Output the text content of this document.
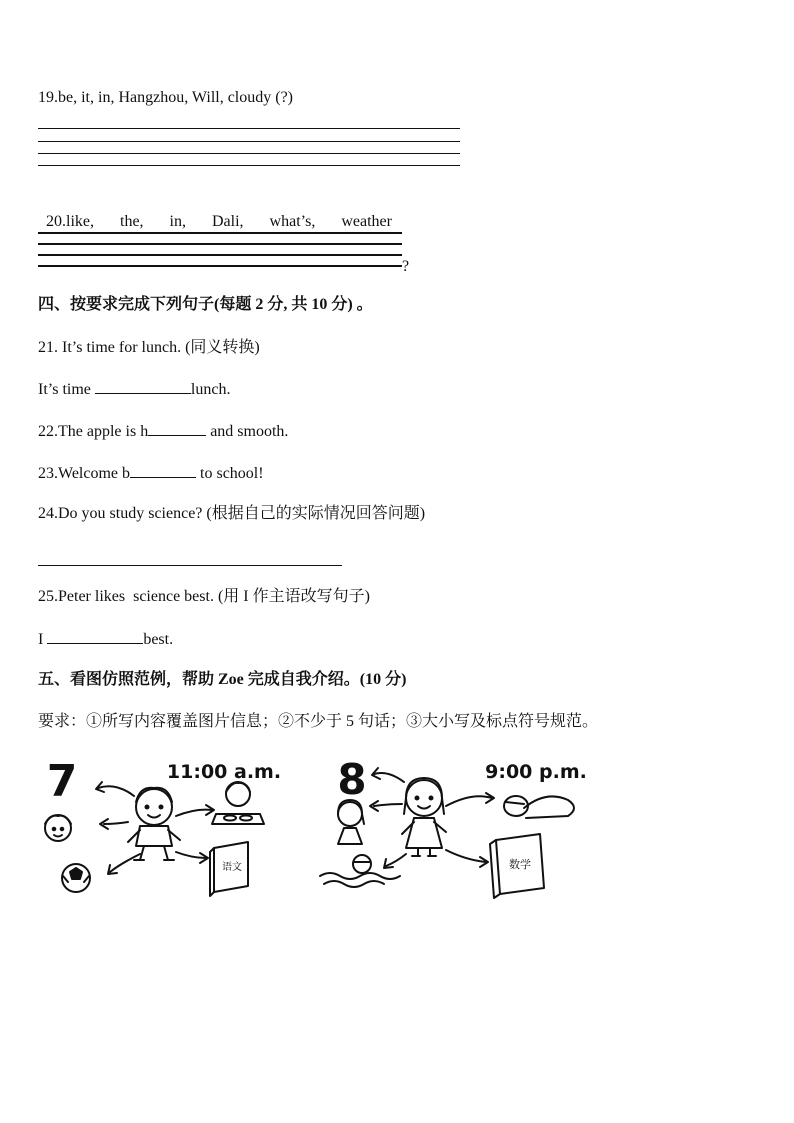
19.be, it, in, Hangzhou, Will, cloudy (?)

20.like, the, in, Dali, what’s, weather

?
四、按要求完成下列句子(每题 2 分, 共 10 分) 。
21. It’s time for lunch. (同义转换)
It’s time	lunch.
22.The apple is h	and smooth.
23.Welcome b	to school!
24.Do you study science? (根据自己的实际情况回答问题)
25.Peter likes  science best. (用 I 作主语改写句子)
I	best.
五、看图仿照范例，帮助 Zoe 完成自我介绍。(10 分)
要求：①所写内容覆盖图片信息；②不少于 5 句话；③大小写及标点符号规范。
7	11:00 a.m.
语文
8	9:00 p.m.
数学
